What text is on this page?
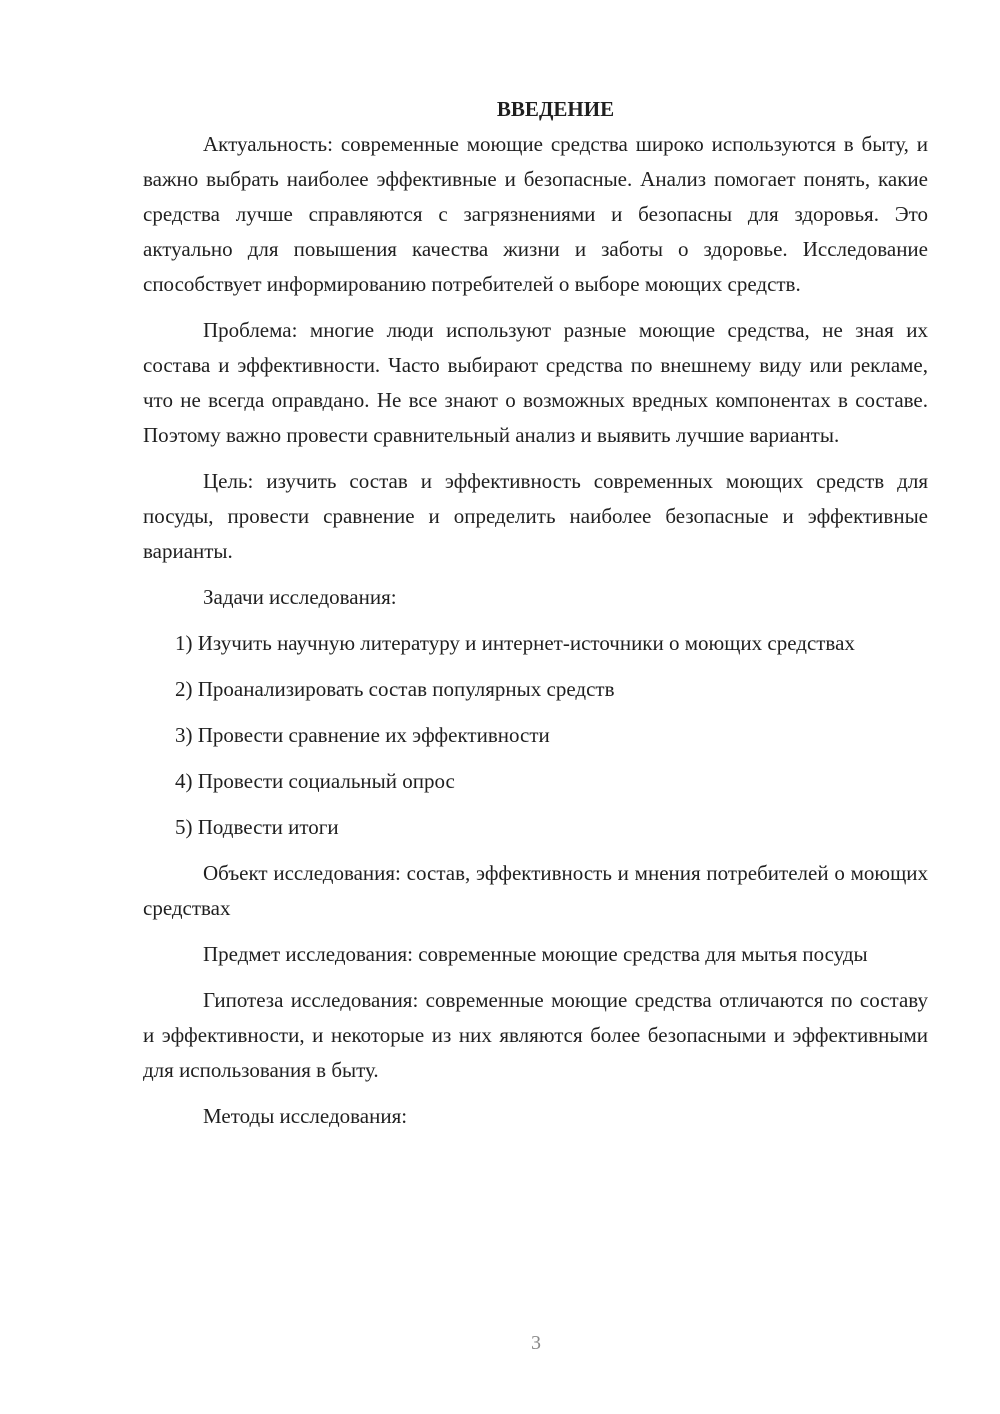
ВВЕДЕНИЕ

Актуальность: современные моющие средства широко используются в быту, и важно выбрать наиболее эффективные и безопасные. Анализ помогает понять, какие средства лучше справляются с загрязнениями и безопасны для здоровья. Это актуально для повышения качества жизни и заботы о здоровье. Исследование способствует информированию потребителей о выборе моющих средств.

Проблема: многие люди используют разные моющие средства, не зная их состава и эффективности. Часто выбирают средства по внешнему виду или рекламе, что не всегда оправдано. Не все знают о возможных вредных компонентах в составе. Поэтому важно провести сравнительный анализ и выявить лучшие варианты.

Цель: изучить состав и эффективность современных моющих средств для посуды, провести сравнение и определить наиболее безопасные и эффективные варианты.

Задачи исследования:

1) Изучить научную литературу и интернет-источники о моющих средствах

2) Проанализировать состав популярных средств

3) Провести сравнение их эффективности

4) Провести социальный опрос

5) Подвести итоги

Объект исследования: состав, эффективность и мнения потребителей о моющих средствах

Предмет исследования: современные моющие средства для мытья посуды

Гипотеза исследования: современные моющие средства отличаются по составу и эффективности, и некоторые из них являются более безопасными и эффективными для использования в быту.

Методы исследования:

3
